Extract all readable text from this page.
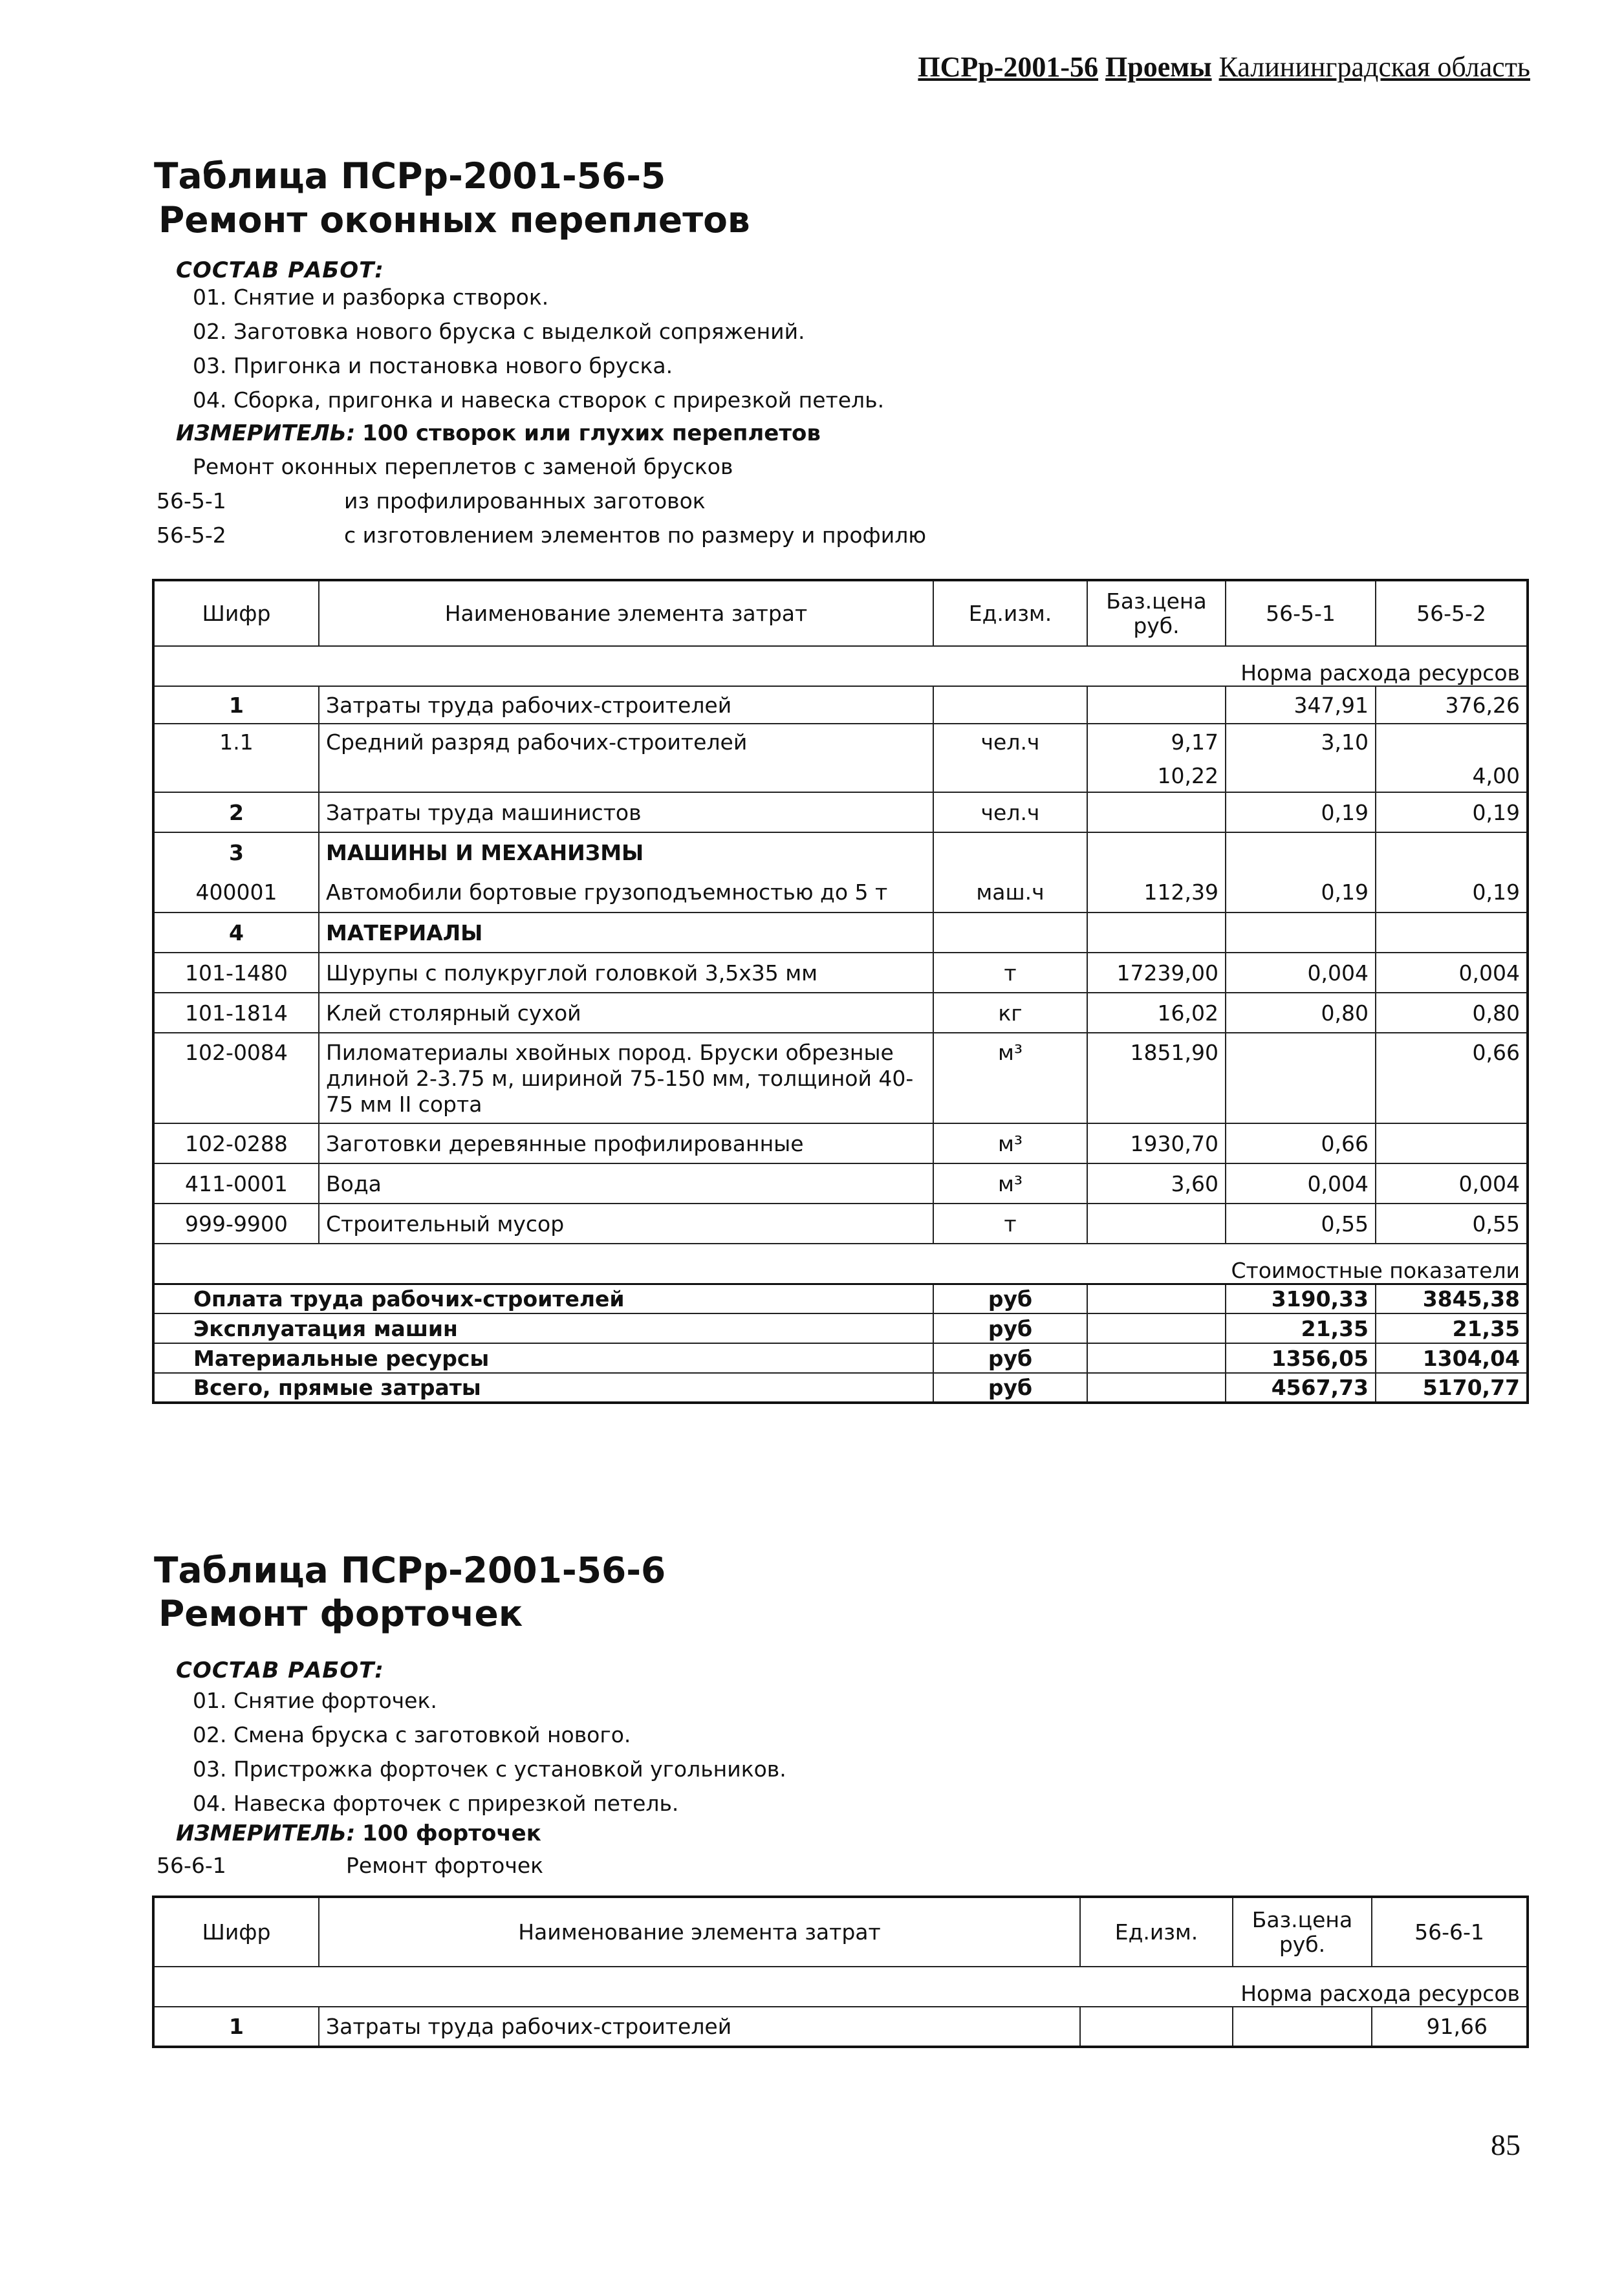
ПСРр-2001-56 Проемы Калининградская область
Таблица ПСРр-2001-56-5
Ремонт оконных переплетов
СОСТАВ РАБОТ:
01. Снятие и разборка створок.
02. Заготовка нового бруска с выделкой сопряжений.
03. Пригонка и постановка нового бруска.
04. Сборка, пригонка и навеска створок с прирезкой петель.
ИЗМЕРИТЕЛЬ: 100 створок или глухих переплетов
Ремонт оконных переплетов с заменой брусков
56-5-1	из профилированных заготовок
56-5-2	с изготовлением элементов по размеру и профилю
Шифр	Наименование элемента затрат	Ед.изм.	Баз.цена руб.	56-5-1	56-5-2
Норма расхода ресурсов					
1	Затраты труда рабочих-строителей			347,91	376,26
1.1	Средний разряд рабочих-строителей	чел.ч	9,17	3,10	
			10,22		4,00
2	Затраты труда машинистов	чел.ч		0,19	0,19
3	МАШИНЫ И МЕХАНИЗМЫ				
400001	Автомобили бортовые грузоподъемностью до 5 т	маш.ч	112,39	0,19	0,19
4	МАТЕРИАЛЫ				
101-1480	Шурупы с полукруглой головкой 3,5x35 мм	т	17239,00	0,004	0,004
101-1814	Клей столярный сухой	кг	16,02	0,80	0,80
102-0084	Пиломатериалы хвойных пород. Бруски обрезные длиной 2-3.75 м, шириной 75-150 мм, толщиной 40-75 мм II сорта	м³	1851,90		0,66
102-0288	Заготовки деревянные профилированные	м³	1930,70	0,66	
411-0001	Вода	м³	3,60	0,004	0,004
999-9900	Строительный мусор	т		0,55	0,55
Стоимостные показатели					
Оплата труда рабочих-строителей		руб		3190,33	3845,38
Эксплуатация машин		руб		21,35	21,35
Материальные ресурсы		руб		1356,05	1304,04
Всего, прямые затраты		руб		4567,73	5170,77
Таблица ПСРр-2001-56-6
Ремонт форточек
СОСТАВ РАБОТ:
01. Снятие форточек.
02. Смена бруска с заготовкой нового.
03. Пристрожка форточек с установкой угольников.
04. Навеска форточек с прирезкой петель.
ИЗМЕРИТЕЛЬ: 100 форточек
56-6-1	Ремонт форточек
Шифр	Наименование элемента затрат	Ед.изм.	Баз.цена руб.	56-6-1
Норма расхода ресурсов				
1	Затраты труда рабочих-строителей			91,66
85
